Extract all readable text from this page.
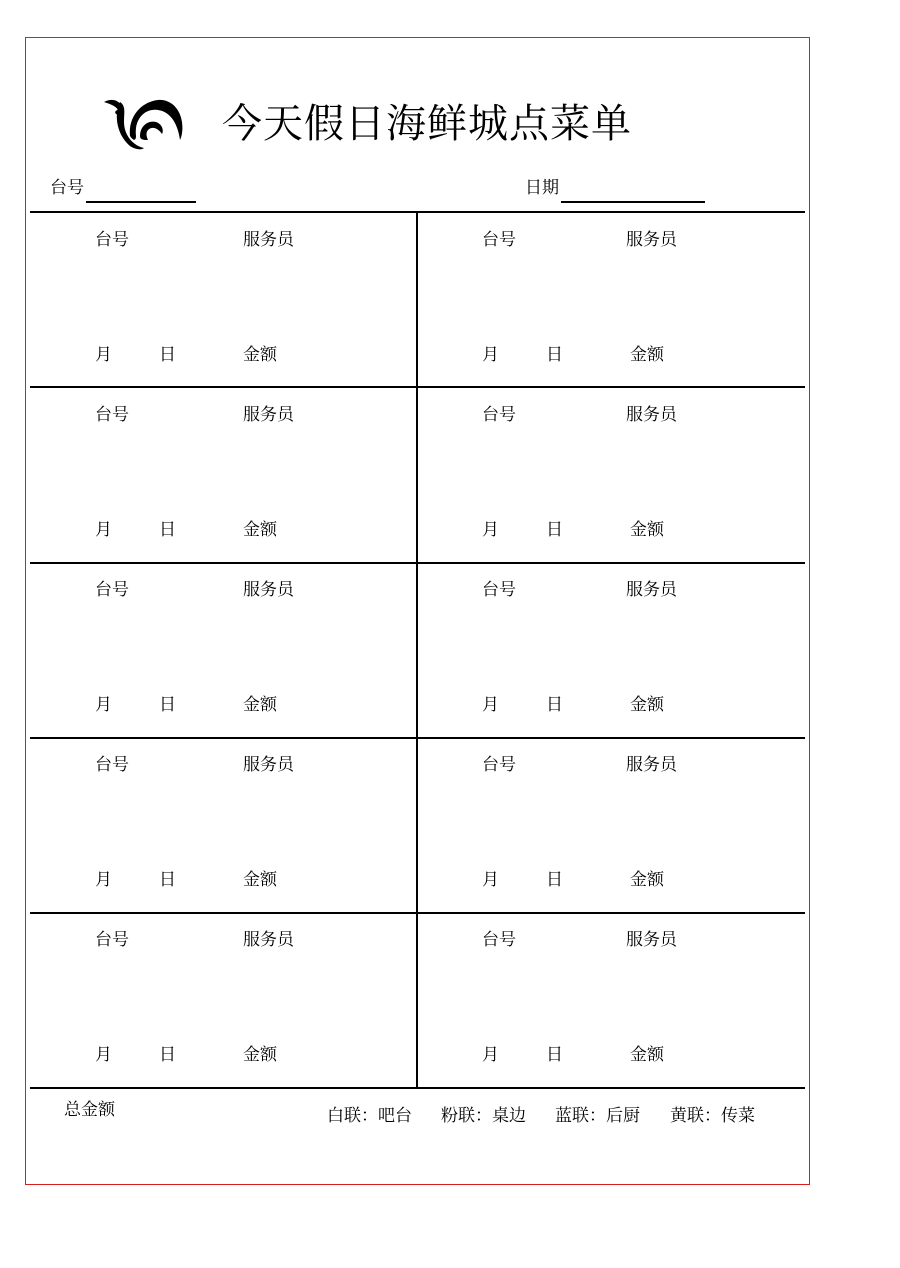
今天假日海鲜城点菜单
台号	日期
台号	服务员
月	日	金额
台号	服务员
月	日	金额
台号	服务员
月	日	金额
台号	服务员
月	日	金额
台号	服务员
月	日	金额
台号	服务员
月	日	金额
台号	服务员
月	日	金额
台号	服务员
月	日	金额
台号	服务员
月	日	金额
台号	服务员
月	日	金额
总金额	白联：吧台 粉联：桌边 蓝联：后厨 黄联：传菜
